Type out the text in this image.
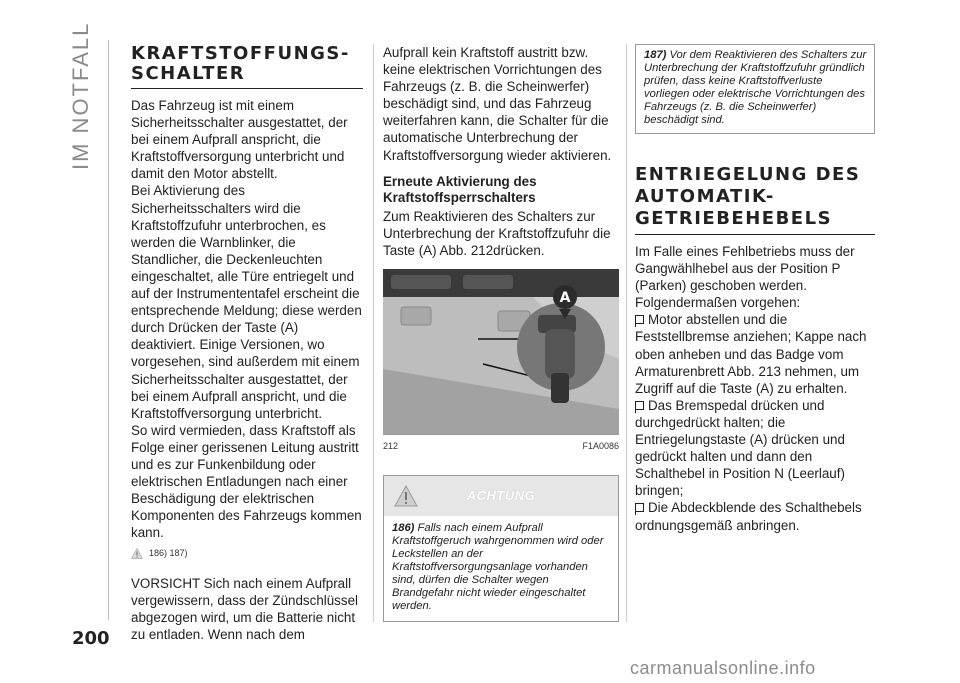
IM NOTFALL
200
KRAFTSTOFFUNGS-SCHALTER

Das Fahrzeug ist mit einem Sicherheitsschalter ausgestattet, der bei einem Aufprall anspricht, die Kraftstoffversorgung unterbricht und damit den Motor abstellt.

Bei Aktivierung des Sicherheitsschalters wird die Kraftstoffzufuhr unterbrochen, es werden die Warnblinker, die Standlicher, die Deckenleuchten eingeschaltet, alle Türe entriegelt und auf der Instrumententafel erscheint die entsprechende Meldung; diese werden durch Drücken der Taste (A) deaktiviert. Einige Versionen, wo vorgesehen, sind außerdem mit einem Sicherheitsschalter ausgestattet, der bei einem Aufprall anspricht, und die Kraftstoffversorgung unterbricht.

So wird vermieden, dass Kraftstoff als Folge einer gerissenen Leitung austritt und es zur Funkenbildung oder elektrischen Entladungen nach einer Beschädigung der elektrischen Komponenten des Fahrzeugs kommen kann.

186) 187)

VORSICHT Sich nach einem Aufprall vergewissern, dass der Zündschlüssel abgezogen wird, um die Batterie nicht zu entladen. Wenn nach dem

Aufprall kein Kraftstoff austritt bzw. keine elektrischen Vorrichtungen des Fahrzeugs (z. B. die Scheinwerfer) beschädigt sind, und das Fahrzeug weiterfahren kann, die Schalter für die automatische Unterbrechung der Kraftstoffversorgung wieder aktivieren.

Erneute Aktivierung des Kraftstoffsperrschalters

Zum Reaktivieren des Schalters zur Unterbrechung der Kraftstoffzufuhr die Taste (A) Abb. 212drücken.

A
212	F1A0086
ACHTUNG
186) Falls nach einem Aufprall Kraftstoffgeruch wahrgenommen wird oder Leckstellen an der Kraftstoffversorgungsanlage vorhanden sind, dürfen die Schalter wegen Brandgefahr nicht wieder eingeschaltet werden.
187) Vor dem Reaktivieren des Schalters zur Unterbrechung der Kraftstoffzufuhr gründlich prüfen, dass keine Kraftstoffverluste vorliegen oder elektrische Vorrichtungen des Fahrzeugs (z. B. die Scheinwerfer) beschädigt sind.
ENTRIEGELUNG DES AUTOMATIK-GETRIEBEHEBELS

Im Falle eines Fehlbetriebs muss der Gangwählhebel aus der Position P (Parken) geschoben werden. Folgendermaßen vorgehen:

Motor abstellen und die Feststellbremse anziehen; Kappe nach oben anheben und das Badge vom Armaturenbrett Abb. 213 nehmen, um Zugriff auf die Taste (A) zu erhalten.

Das Bremspedal drücken und durchgedrückt halten; die Entriegelungstaste (A) drücken und gedrückt halten und dann den Schalthebel in Position N (Leerlauf) bringen;

Die Abdeckblende des Schalthebels ordnungsgemäß anbringen.

carmanualsonline.info
